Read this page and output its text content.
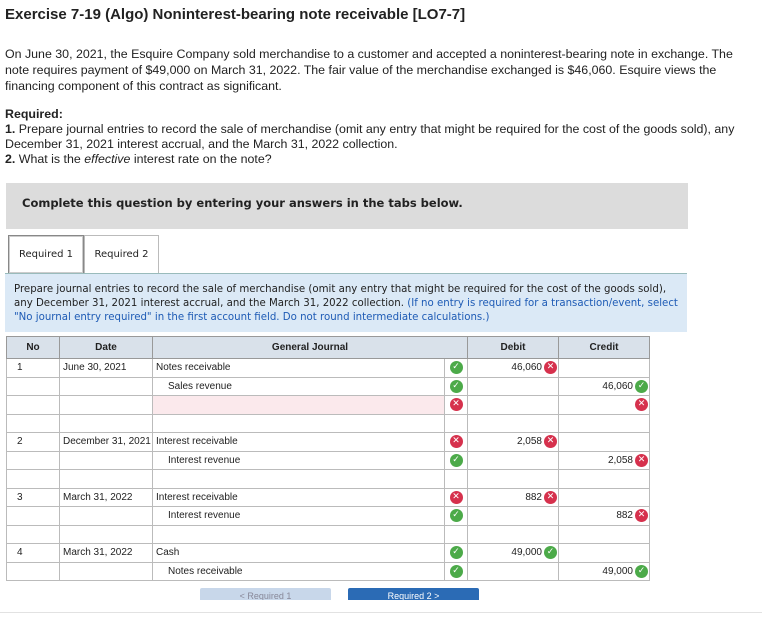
Exercise 7-19 (Algo) Noninterest-bearing note receivable [LO7-7]
On June 30, 2021, the Esquire Company sold merchandise to a customer and accepted a noninterest-bearing note in exchange. The note requires payment of $49,000 on March 31, 2022. The fair value of the merchandise exchanged is $46,060. Esquire views the financing component of this contract as significant.
Required:
1. Prepare journal entries to record the sale of merchandise (omit any entry that might be required for the cost of the goods sold), any December 31, 2021 interest accrual, and the March 31, 2022 collection.
2. What is the effective interest rate on the note?
Complete this question by entering your answers in the tabs below.
Required 1	Required 2

Prepare journal entries to record the sale of merchandise (omit any entry that might be required for the cost of the goods sold), any December 31, 2021 interest accrual, and the March 31, 2022 collection. (If no entry is required for a transaction/event, select "No journal entry required" in the first account field. Do not round intermediate calculations.)

No	Date	General Journal		Debit	Credit
1	June 30, 2021	Notes receivable	✓	46,060 ✕	

		Sales revenue	✓		46,060 ✓

			✕		✕

2	December 31, 2021	Interest receivable	✕	2,058 ✕	

		Interest revenue	✓		2,058 ✕

3	March 31, 2022	Interest receivable	✕	882 ✕	

		Interest revenue	✓		882 ✕

4	March 31, 2022	Cash	✓	49,000 ✓	

		Notes receivable	✓		49,000 ✓
< Required 1	Required 2 >
